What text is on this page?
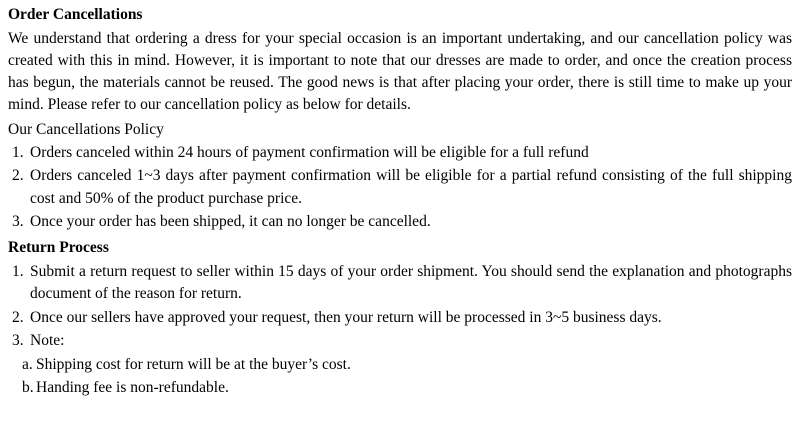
Order Cancellations

We understand that ordering a dress for your special occasion is an important undertaking, and our cancellation policy was created with this in mind. However, it is important to note that our dresses are made to order, and once the creation process has begun, the materials cannot be reused. The good news is that after placing your order, there is still time to make up your mind. Please refer to our cancellation policy as below for details.

Our Cancellations Policy

1. Orders canceled within 24 hours of payment confirmation will be eligible for a full refund
2. Orders canceled 1~3 days after payment confirmation will be eligible for a partial refund consisting of the full shipping cost and 50% of the product purchase price.
3. Once your order has been shipped, it can no longer be cancelled.
Return Process
1. Submit a return request to seller within 15 days of your order shipment. You should send the explanation and photographs document of the reason for return.
2. Once our sellers have approved your request, then your return will be processed in 3~5 business days.
3. Note:
a. Shipping cost for return will be at the buyer’s cost.
b. Handing fee is non-refundable.
